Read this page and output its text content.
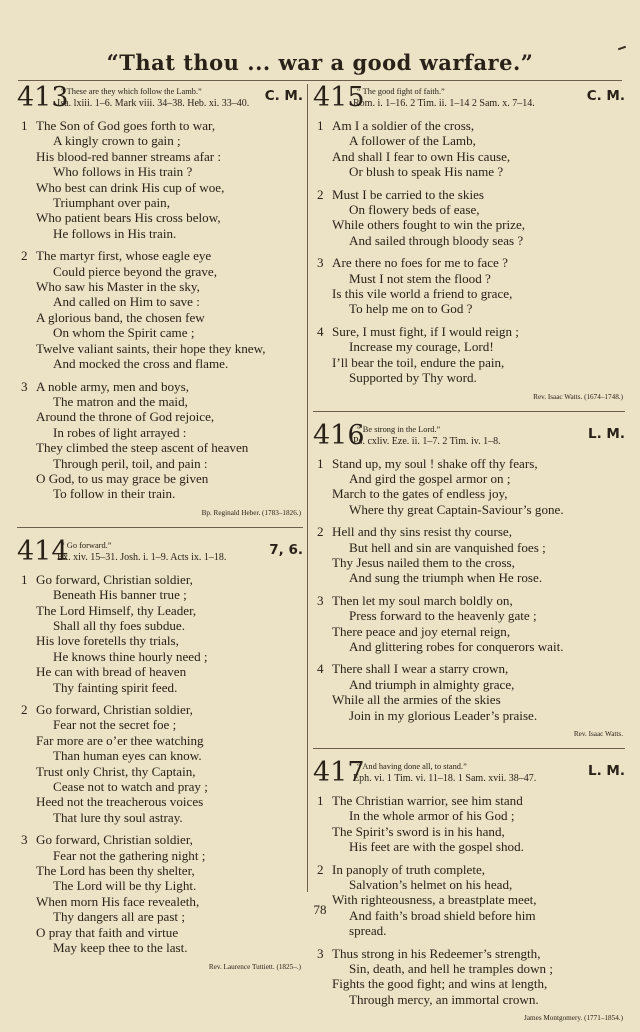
“That thou ... war a good warfare.”
413
“ These are they which follow the Lamb.”
Isa. lxiii. 1–6. Mark viii. 34–38. Heb. xi. 33–40. C. M.
1 The Son of God goes forth to war,
A kingly crown to gain ;
His blood-red banner streams afar :
Who follows in His train ?
Who best can drink His cup of woe,
Triumphant over pain,
Who patient bears His cross below,
He follows in His train.
2 The martyr first, whose eagle eye
Could pierce beyond the grave,
Who saw his Master in the sky,
And called on Him to save :
A glorious band, the chosen few
On whom the Spirit came ;
Twelve valiant saints, their hope they knew,
And mocked the cross and flame.
3 A noble army, men and boys,
The matron and the maid,
Around the throne of God rejoice,
In robes of light arrayed :
They climbed the steep ascent of heaven
Through peril, toil, and pain :
O God, to us may grace be given
To follow in their train.
Bp. Reginald Heber. (1783–1826.)
414
“ Go forward.”
Ex. xiv. 15–31. Josh. i. 1–9. Acts ix. 1–18.	7, 6.
1 Go forward, Christian soldier,
Beneath His banner true ;
The Lord Himself, thy Leader,
Shall all thy foes subdue.
His love foretells thy trials,
He knows thine hourly need ;
He can with bread of heaven
Thy fainting spirit feed.
2 Go forward, Christian soldier,
Fear not the secret foe ;
Far more are o’er thee watching
Than human eyes can know.
Trust only Christ, thy Captain,
Cease not to watch and pray ;
Heed not the treacherous voices
That lure thy soul astray.
3 Go forward, Christian soldier,
Fear not the gathering night ;
The Lord has been thy shelter,
The Lord will be thy Light.
When morn His face revealeth,
Thy dangers all are past ;
O pray that faith and virtue
May keep thee to the last.
Rev. Laurence Tuttiett. (1825–.)
415
“ The good fight of faith.”
Rom. i. 1–16. 2 Tim. ii. 1–14 2 Sam. x. 7–14.	C. M.
1 Am I a soldier of the cross,
A follower of the Lamb,
And shall I fear to own His cause,
Or blush to speak His name ?
2 Must I be carried to the skies
On flowery beds of ease,
While others fought to win the prize,
And sailed through bloody seas ?
3 Are there no foes for me to face ?
Must I not stem the flood ?
Is this vile world a friend to grace,
To help me on to God ?
4 Sure, I must fight, if I would reign ;
Increase my courage, Lord!
I’ll bear the toil, endure the pain,
Supported by Thy word.
Rev. Isaac Watts. (1674–1748.)
416
“ Be strong in the Lord.”
Ps. cxliv. Eze. ii. 1–7. 2 Tim. iv. 1–8.	L. M.
1 Stand up, my soul ! shake off thy fears,
And gird the gospel armor on ;
March to the gates of endless joy,
Where thy great Captain-Saviour’s gone.
2 Hell and thy sins resist thy course,
But hell and sin are vanquished foes ;
Thy Jesus nailed them to the cross,
And sung the triumph when He rose.
3 Then let my soul march boldly on,
Press forward to the heavenly gate ;
There peace and joy eternal reign,
And glittering robes for conquerors wait.
4 There shall I wear a starry crown,
And triumph in almighty grace,
While all the armies of the skies
Join in my glorious Leader’s praise.
Rev. Isaac Watts.
417
“ And having done all, to stand.”
Eph. vi. 1 Tim. vi. 11–18. 1 Sam. xvii. 38–47.	L. M.
1 The Christian warrior, see him stand
In the whole armor of his God ;
The Spirit’s sword is in his hand,
His feet are with the gospel shod.
2 In panoply of truth complete,
Salvation’s helmet on his head,
With righteousness, a breastplate meet,
And faith’s broad shield before him
spread.
3 Thus strong in his Redeemer’s strength,
Sin, death, and hell he tramples down ;
Fights the good fight; and wins at length,
Through mercy, an immortal crown.
James Montgomery. (1771–1854.)
78
